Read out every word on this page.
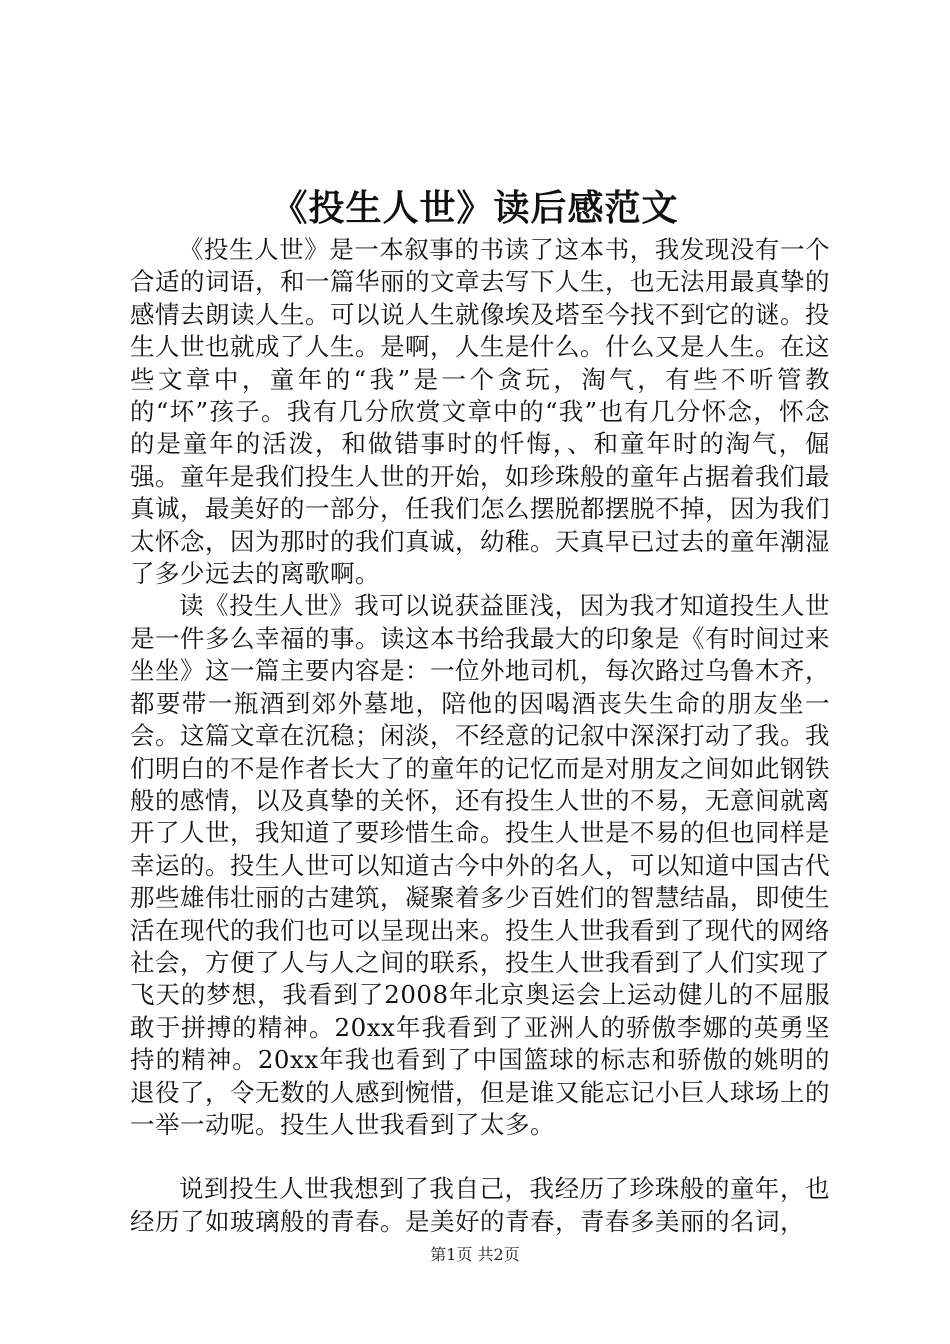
《投生人世》读后感范文

《投生人世》是一本叙事的书读了这本书，我发现没有一个合适的词语，和一篇华丽的文章去写下人生，也无法用最真挚的感情去朗读人生。可以说人生就像埃及塔至今找不到它的谜。投生人世也就成了人生。是啊，人生是什么。什么又是人生。在这些文章中，童年的“我”是一个贪玩，淘气，有些不听管教的“坏”孩子。我有几分欣赏文章中的“我”也有几分怀念，怀念的是童年的活泼，和做错事时的忏悔，、和童年时的淘气，倔强。童年是我们投生人世的开始，如珍珠般的童年占据着我们最真诚，最美好的一部分，任我们怎么摆脱都摆脱不掉，因为我们太怀念，因为那时的我们真诚，幼稚。天真早已过去的童年潮湿了多少远去的离歌啊。

读《投生人世》我可以说获益匪浅，因为我才知道投生人世是一件多么幸福的事。读这本书给我最大的印象是《有时间过来坐坐》这一篇主要内容是：一位外地司机，每次路过乌鲁木齐，都要带一瓶酒到郊外墓地，陪他的因喝酒丧失生命的朋友坐一会。这篇文章在沉稳；闲淡，不经意的记叙中深深打动了我。我们明白的不是作者长大了的童年的记忆而是对朋友之间如此钢铁般的感情，以及真挚的关怀，还有投生人世的不易，无意间就离开了人世，我知道了要珍惜生命。投生人世是不易的但也同样是幸运的。投生人世可以知道古今中外的名人，可以知道中国古代那些雄伟壮丽的古建筑，凝聚着多少百姓们的智慧结晶，即使生活在现代的我们也可以呈现出来。投生人世我看到了现代的网络社会，方便了人与人之间的联系，投生人世我看到了人们实现了飞天的梦想，我看到了2008年北京奥运会上运动健儿的不屈服敢于拼搏的精神。20xx年我看到了亚洲人的骄傲李娜的英勇坚持的精神。20xx年我也看到了中国篮球的标志和骄傲的姚明的退役了，令无数的人感到惋惜，但是谁又能忘记小巨人球场上的一举一动呢。投生人世我看到了太多。

说到投生人世我想到了我自己，我经历了珍珠般的童年，也经历了如玻璃般的青春。是美好的青春，青春多美丽的名词，

第1页 共2页
